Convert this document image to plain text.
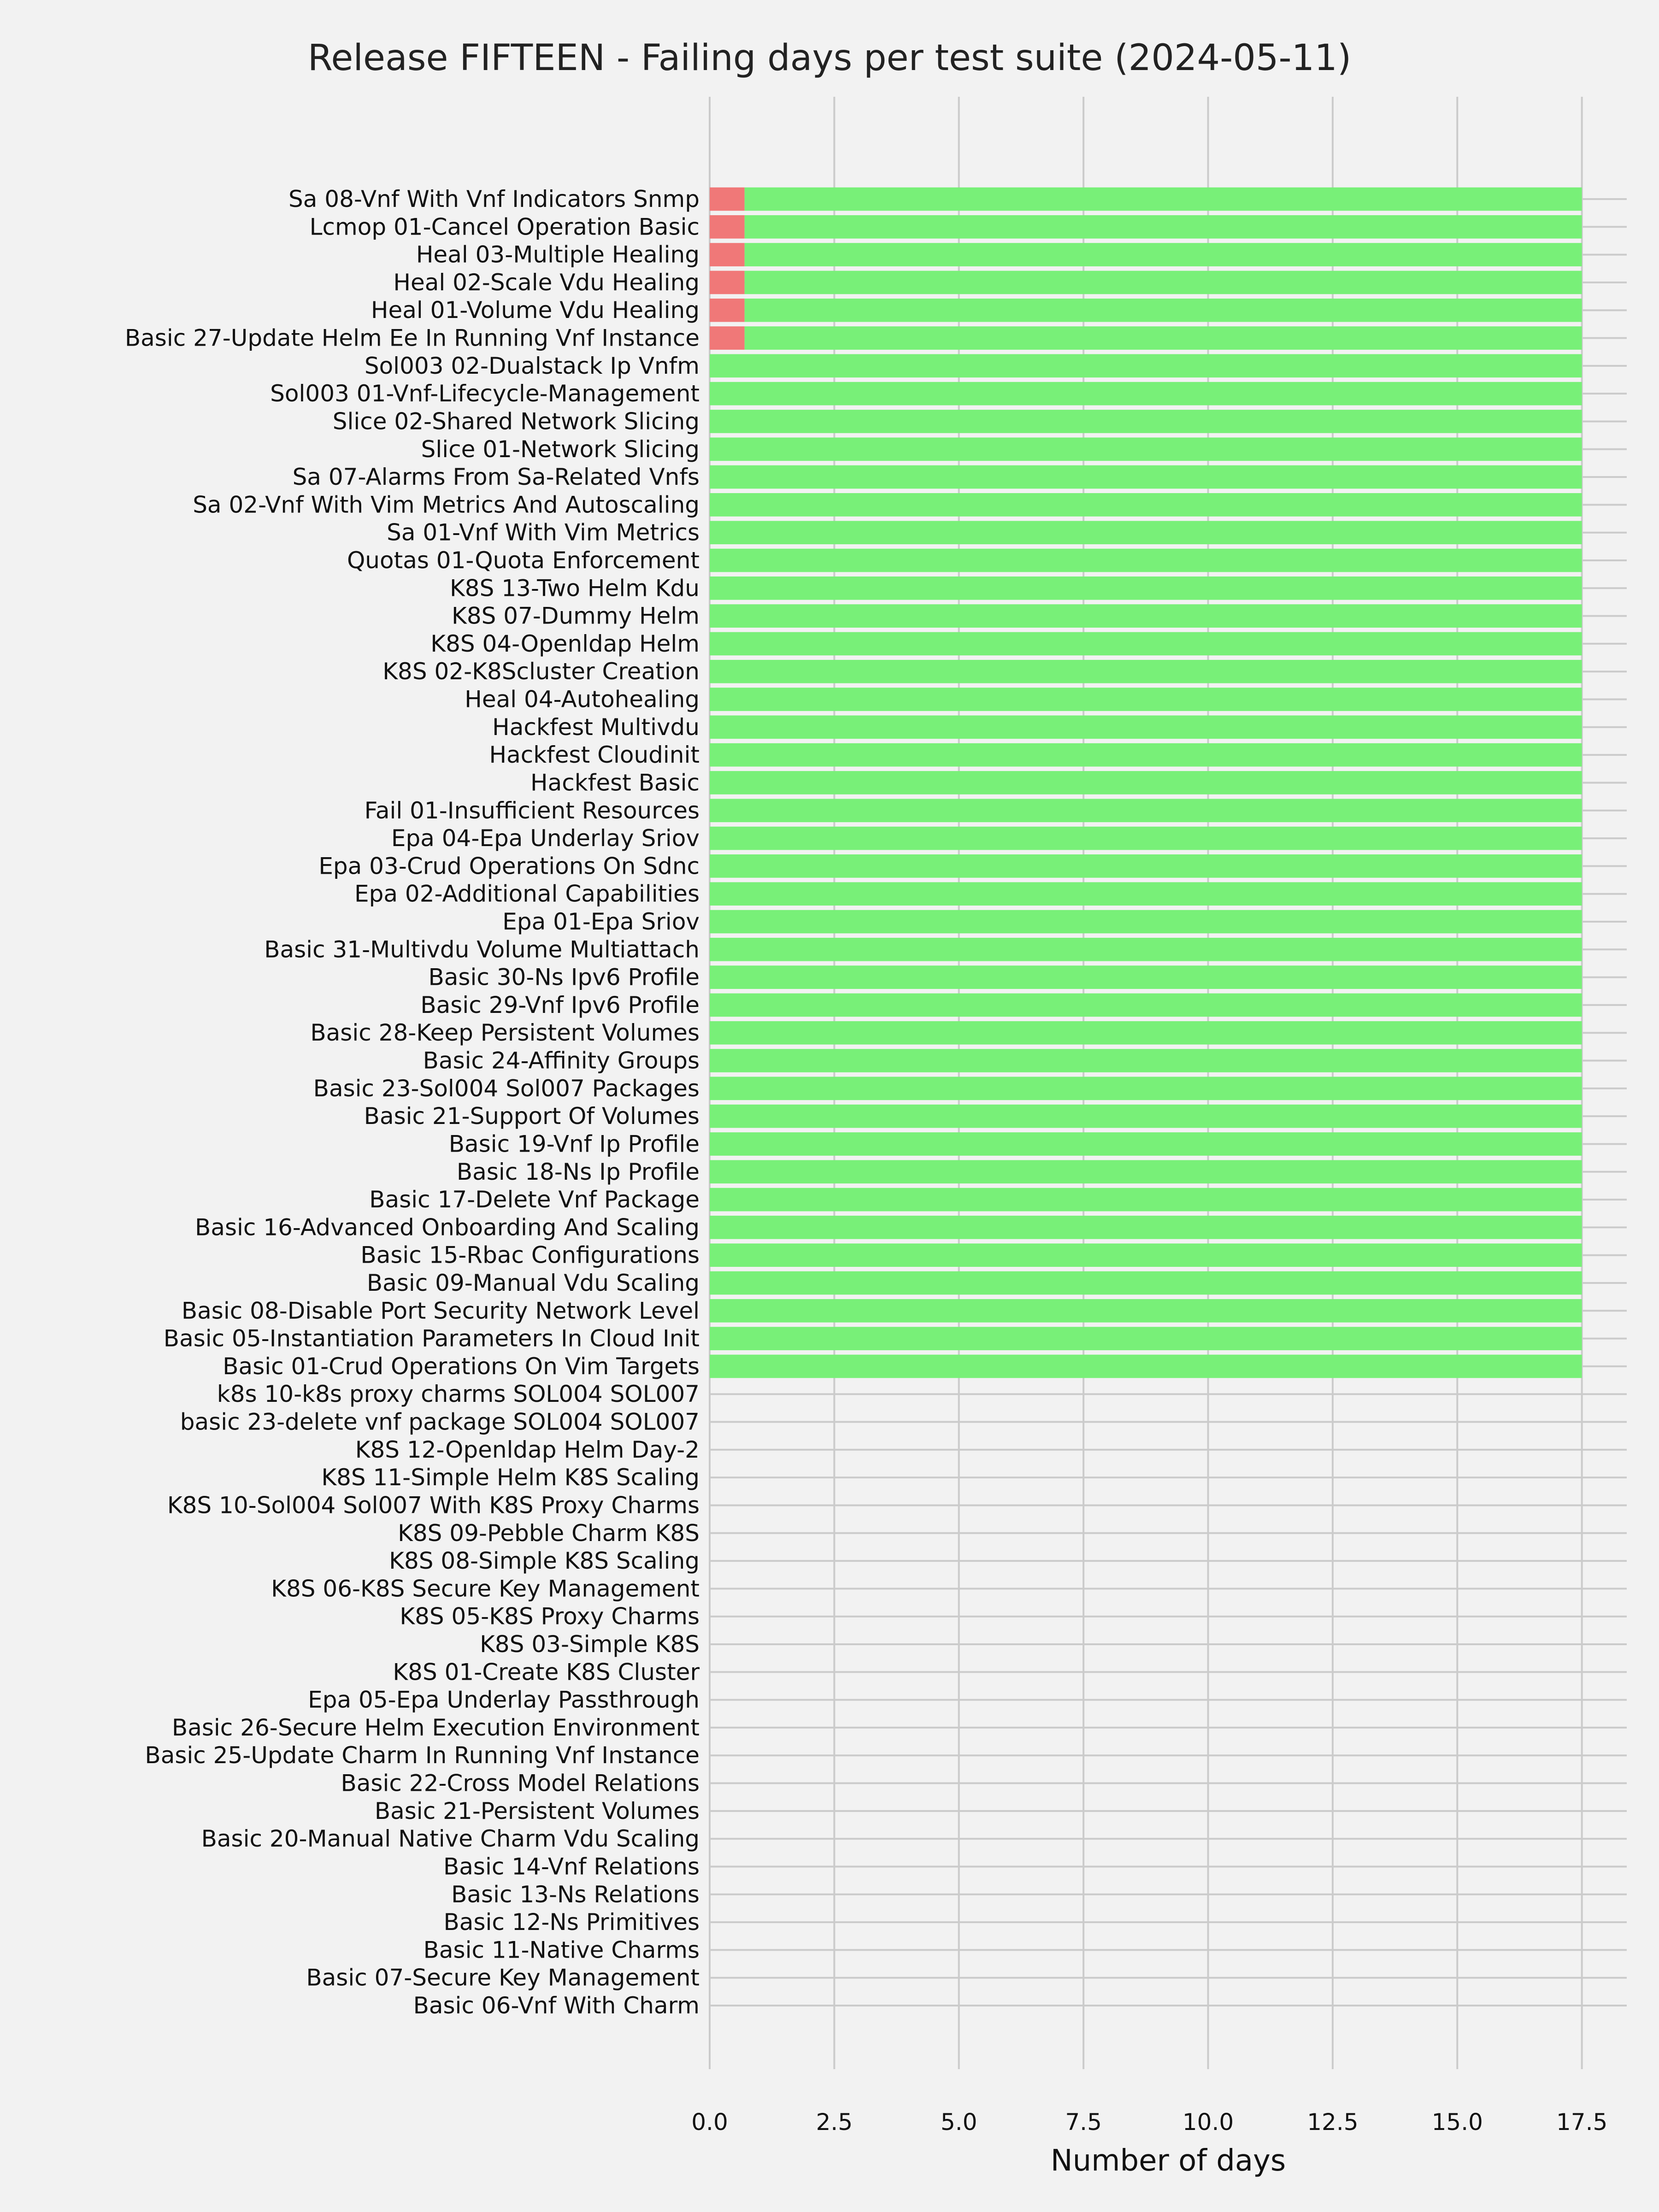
Release FIFTEEN - Failing days per test suite (2024-05-11)
Sa 08-Vnf With Vnf Indicators Snmp
Lcmop 01-Cancel Operation Basic
Heal 03-Multiple Healing
Heal 02-Scale Vdu Healing
Heal 01-Volume Vdu Healing
Basic 27-Update Helm Ee In Running Vnf Instance
Sol003 02-Dualstack Ip Vnfm
Sol003 01-Vnf-Lifecycle-Management
Slice 02-Shared Network Slicing
Slice 01-Network Slicing
Sa 07-Alarms From Sa-Related Vnfs
Sa 02-Vnf With Vim Metrics And Autoscaling
Sa 01-Vnf With Vim Metrics
Quotas 01-Quota Enforcement
K8S 13-Two Helm Kdu
K8S 07-Dummy Helm
K8S 04-Openldap Helm
K8S 02-K8Scluster Creation
Heal 04-Autohealing
Hackfest Multivdu
Hackfest Cloudinit
Hackfest Basic
Fail 01-Insufficient Resources
Epa 04-Epa Underlay Sriov
Epa 03-Crud Operations On Sdnc
Epa 02-Additional Capabilities
Epa 01-Epa Sriov
Basic 31-Multivdu Volume Multiattach
Basic 30-Ns Ipv6 Profile
Basic 29-Vnf Ipv6 Profile
Basic 28-Keep Persistent Volumes
Basic 24-Affinity Groups
Basic 23-Sol004 Sol007 Packages
Basic 21-Support Of Volumes
Basic 19-Vnf Ip Profile
Basic 18-Ns Ip Profile
Basic 17-Delete Vnf Package
Basic 16-Advanced Onboarding And Scaling
Basic 15-Rbac Configurations
Basic 09-Manual Vdu Scaling
Basic 08-Disable Port Security Network Level
Basic 05-Instantiation Parameters In Cloud Init
Basic 01-Crud Operations On Vim Targets
k8s 10-k8s proxy charms SOL004 SOL007
basic 23-delete vnf package SOL004 SOL007
K8S 12-Openldap Helm Day-2
K8S 11-Simple Helm K8S Scaling
K8S 10-Sol004 Sol007 With K8S Proxy Charms
K8S 09-Pebble Charm K8S
K8S 08-Simple K8S Scaling
K8S 06-K8S Secure Key Management
K8S 05-K8S Proxy Charms
K8S 03-Simple K8S
K8S 01-Create K8S Cluster
Epa 05-Epa Underlay Passthrough
Basic 26-Secure Helm Execution Environment
Basic 25-Update Charm In Running Vnf Instance
Basic 22-Cross Model Relations
Basic 21-Persistent Volumes
Basic 20-Manual Native Charm Vdu Scaling
Basic 14-Vnf Relations
Basic 13-Ns Relations
Basic 12-Ns Primitives
Basic 11-Native Charms
Basic 07-Secure Key Management
Basic 06-Vnf With Charm
0.0	2.5	5.0	7.5	10.0	12.5	15.0	17.5
Number of days
